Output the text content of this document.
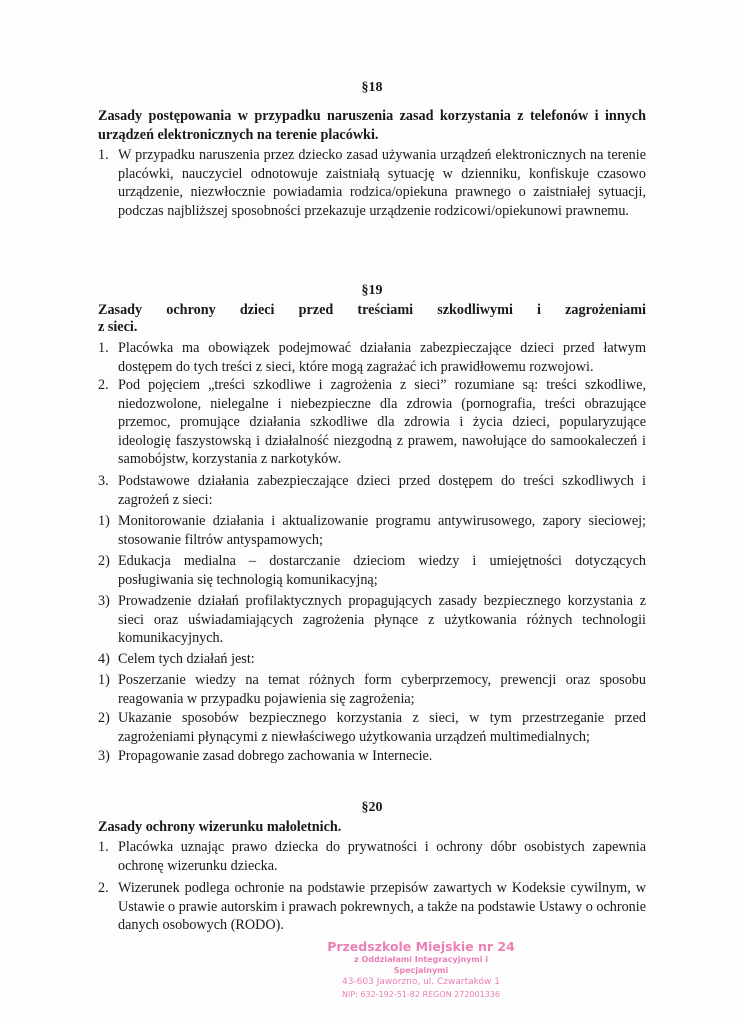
§18
Zasady postępowania w przypadku naruszenia zasad korzystania z telefonów i innych urządzeń elektronicznych na terenie placówki.
1. W przypadku naruszenia przez dziecko zasad używania urządzeń elektronicznych na terenie placówki, nauczyciel odnotowuje zaistniałą sytuację w dzienniku, konfiskuje czasowo urządzenie, niezwłocznie powiadamia rodzica/opiekuna prawnego o zaistniałej sytuacji, podczas najbliższej sposobności przekazuje urządzenie rodzicowi/opiekunowi prawnemu.
§19
Zasady ochrony dzieci przed treściami szkodliwymi i zagrożeniami
z sieci.
1. Placówka ma obowiązek podejmować działania zabezpieczające dzieci przed łatwym dostępem do tych treści z sieci, które mogą zagrażać ich prawidłowemu rozwojowi.
2. Pod pojęciem „treści szkodliwe i zagrożenia z sieci” rozumiane są: treści szkodliwe, niedozwolone, nielegalne i niebezpieczne dla zdrowia (pornografia, treści obrazujące przemoc, promujące działania szkodliwe dla zdrowia i życia dzieci, popularyzujące ideologię faszystowską i działalność niezgodną z prawem, nawołujące do samookaleczeń i samobójstw, korzystania z narkotyków.
3. Podstawowe działania zabezpieczające dzieci przed dostępem do treści szkodliwych i zagrożeń z sieci:
1) Monitorowanie działania i aktualizowanie programu antywirusowego, zapory sieciowej; stosowanie filtrów antyspamowych;
2) Edukacja medialna – dostarczanie dzieciom wiedzy i umiejętności dotyczących posługiwania się technologią komunikacyjną;
3) Prowadzenie działań profilaktycznych propagujących zasady bezpiecznego korzystania z sieci oraz uświadamiających zagrożenia płynące z użytkowania różnych technologii komunikacyjnych.
4) Celem tych działań jest:
1) Poszerzanie wiedzy na temat różnych form cyberprzemocy, prewencji oraz sposobu reagowania w przypadku pojawienia się zagrożenia;
2) Ukazanie sposobów bezpiecznego korzystania z sieci, w tym przestrzeganie przed zagrożeniami płynącymi z niewłaściwego użytkowania urządzeń multimedialnych;
3) Propagowanie zasad dobrego zachowania w Internecie.
§20
Zasady ochrony wizerunku małoletnich.
1. Placówka uznając prawo dziecka do prywatności i ochrony dóbr osobistych zapewnia ochronę wizerunku dziecka.
2. Wizerunek podlega ochronie na podstawie przepisów zawartych w Kodeksie cywilnym, w Ustawie o prawie autorskim i prawach pokrewnych, a także na podstawie Ustawy o ochronie danych osobowych (RODO).
Przedszkole Miejskie nr 24
z Oddziałami Integracyjnymi i Specjalnymi
43-603 Jaworzno, ul. Czwartaków 1
NIP: 632-192-51-82 REGON 272001336
